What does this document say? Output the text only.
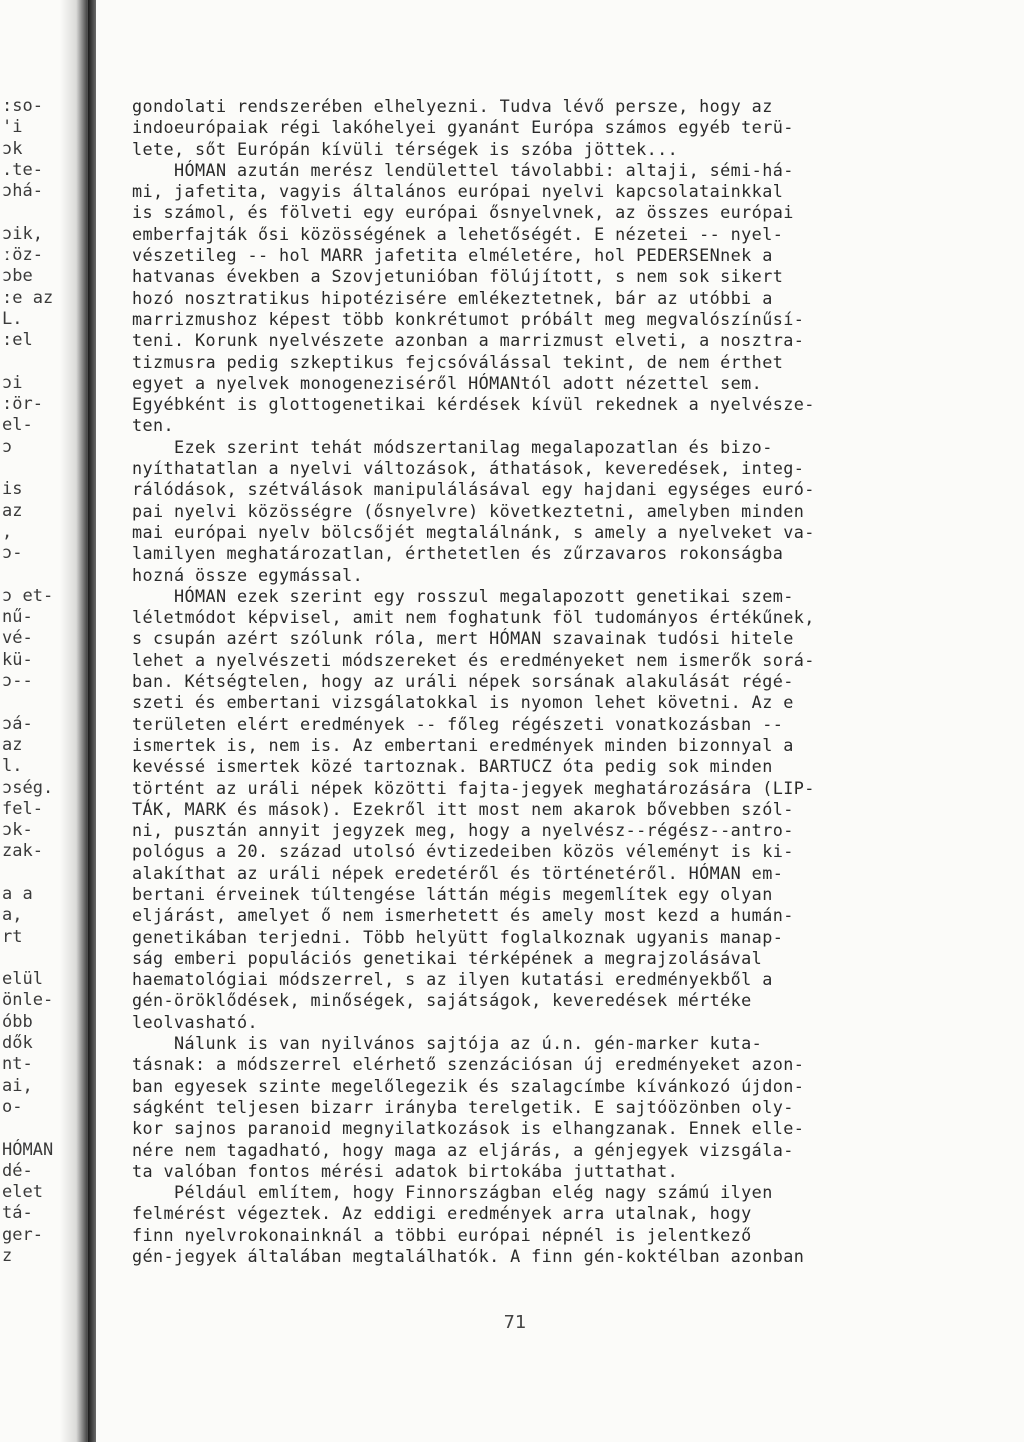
:so-
'i
ɔk
.te-
ɔhá-
ɔik,
ːöz-
ɔbe
:e az
L.
:el
ɔi
:ör-
el-
ɔ
is
az
,
ɔ-
ɔ et-
nű-
vé-
kü-
ɔ--
ɔá-
az
l.
ɔség.
fel-
ɔk-
zak-
a a
a,
rt
elül
önle-
óbb
dők
nt-
ai,
o-
HÓMAN
dé-
elet
tá-
ger-
z
gondolati rendszerében elhelyezni. Tudva lévő persze, hogy az
indoeurópaiak régi lakóhelyei gyanánt Európa számos egyéb terü-
lete, sőt Európán kívüli térségek is szóba jöttek...
HÓMAN azután merész lendülettel távolabbi: altaji, sémi-há-
mi, jafetita, vagyis általános európai nyelvi kapcsolatainkkal
is számol, és fölveti egy európai ősnyelvnek, az összes európai
emberfajták ősi közösségének a lehetőségét. E nézetei -- nyel-
vészetileg -- hol MARR jafetita elméletére, hol PEDERSENnek a
hatvanas években a Szovjetunióban fölújított, s nem sok sikert
hozó nosztratikus hipotézisére emlékeztetnek, bár az utóbbi a
marrizmushoz képest több konkrétumot próbált meg megvalószínűsí-
teni. Korunk nyelvészete azonban a marrizmust elveti, a nosztra-
tizmusra pedig szkeptikus fejcsóválással tekint, de nem érthet
egyet a nyelvek monogeneziséről HÓMANtól adott nézettel sem.
Egyébként is glottogenetikai kérdések kívül rekednek a nyelvésze-
ten.
Ezek szerint tehát módszertanilag megalapozatlan és bizo-
nyíthatatlan a nyelvi változások, áthatások, keveredések, integ-
rálódások, szétválások manipulálásával egy hajdani egységes euró-
pai nyelvi közösségre (ősnyelvre) következtetni, amelyben minden
mai európai nyelv bölcsőjét megtalálnánk, s amely a nyelveket va-
lamilyen meghatározatlan, érthetetlen és zűrzavaros rokonságba
hozná össze egymással.
HÓMAN ezek szerint egy rosszul megalapozott genetikai szem-
léletmódot képvisel, amit nem foghatunk föl tudományos értékűnek,
s csupán azért szólunk róla, mert HÓMAN szavainak tudósi hitele
lehet a nyelvészeti módszereket és eredményeket nem ismerők sorá-
ban. Kétségtelen, hogy az uráli népek sorsának alakulását régé-
szeti és embertani vizsgálatokkal is nyomon lehet követni. Az e
területen elért eredmények -- főleg régészeti vonatkozásban --
ismertek is, nem is. Az embertani eredmények minden bizonnyal a
kevéssé ismertek közé tartoznak. BARTUCZ óta pedig sok minden
történt az uráli népek közötti fajta-jegyek meghatározására (LIP-
TÁK, MARK és mások). Ezekről itt most nem akarok bővebben szól-
ni, pusztán annyit jegyzek meg, hogy a nyelvész--régész--antro-
pológus a 20. század utolsó évtizedeiben közös véleményt is ki-
alakíthat az uráli népek eredetéről és történetéről. HÓMAN em-
bertani érveinek túltengése láttán mégis megemlítek egy olyan
eljárást, amelyet ő nem ismerhetett és amely most kezd a humán-
genetikában terjedni. Több helyütt foglalkoznak ugyanis manap-
ság emberi populációs genetikai térképének a megrajzolásával
haematológiai módszerrel, s az ilyen kutatási eredményekből a
gén-öröklődések, minőségek, sajátságok, keveredések mértéke
leolvasható.
Nálunk is van nyilvános sajtója az ú.n. gén-marker kuta-
tásnak: a módszerrel elérhető szenzációsan új eredményeket azon-
ban egyesek szinte megelőlegezik és szalagcímbe kívánkozó újdon-
ságként teljesen bizarr irányba terelgetik. E sajtóözönben oly-
kor sajnos paranoid megnyilatkozások is elhangzanak. Ennek elle-
nére nem tagadható, hogy maga az eljárás, a génjegyek vizsgála-
ta valóban fontos mérési adatok birtokába juttathat.
Például említem, hogy Finnországban elég nagy számú ilyen
felmérést végeztek. Az eddigi eredmények arra utalnak, hogy
finn nyelvrokonainknál a többi európai népnél is jelentkező
gén-jegyek általában megtalálhatók. A finn gén-koktélban azonban
71
